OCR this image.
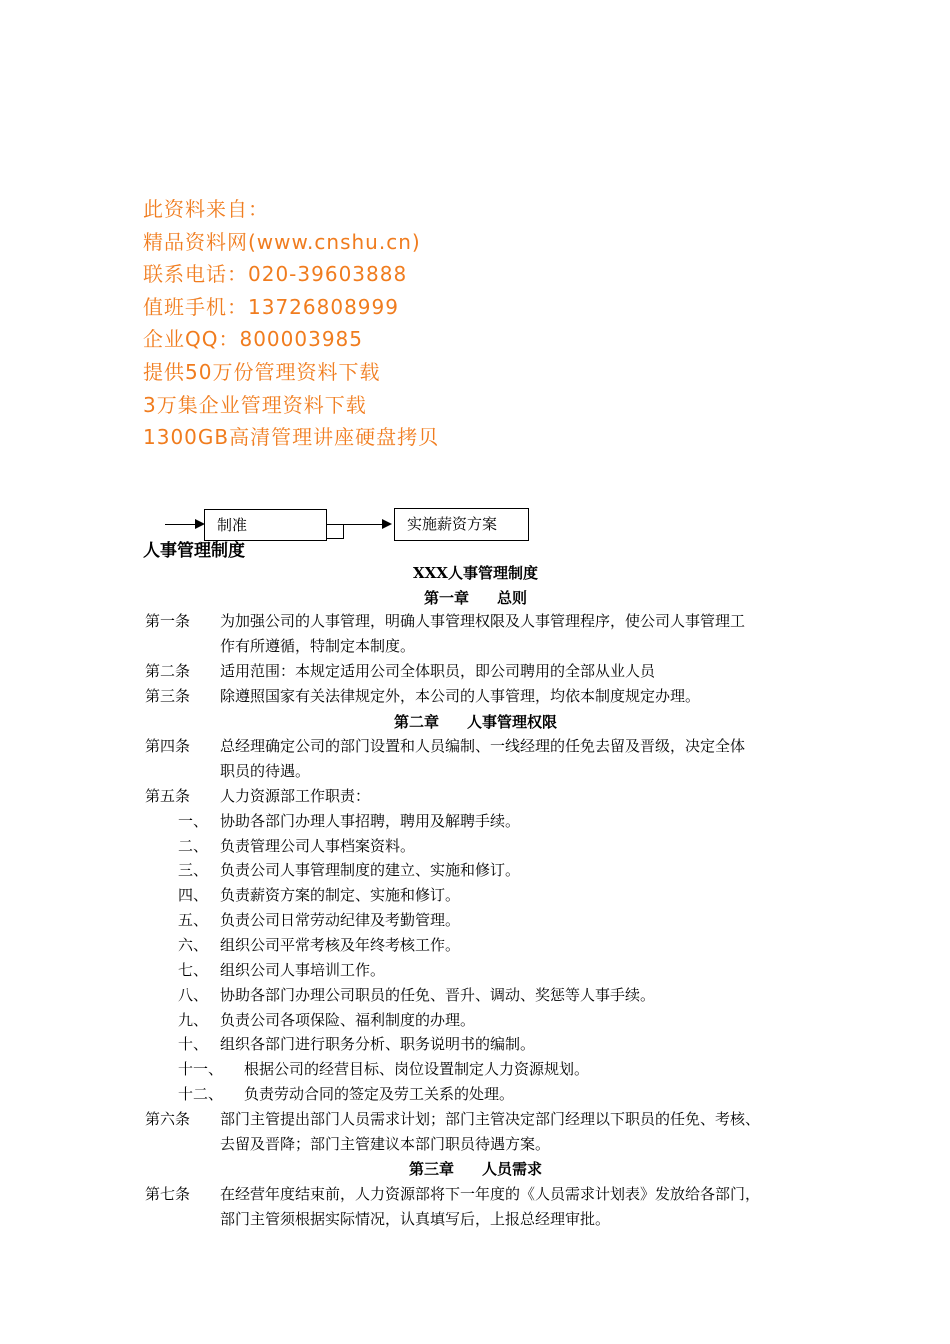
此资料来自：
精品资料网(www.cnshu.cn)
联系电话：020-39603888
值班手机：13726808999
企业QQ：800003985
提供50万份管理资料下载
3万集企业管理资料下载
1300GB高清管理讲座硬盘拷贝
制准	实施薪资方案
人事管理制度
XXX人事管理制度
第一章 总则
第一条 为加强公司的人事管理，明确人事管理权限及人事管理程序，使公司人事管理工
作有所遵循，特制定本制度。
第二条 适用范围：本规定适用公司全体职员，即公司聘用的全部从业人员
第三条 除遵照国家有关法律规定外，本公司的人事管理，均依本制度规定办理。
第二章 人事管理权限
第四条 总经理确定公司的部门设置和人员编制、一线经理的任免去留及晋级，决定全体
职员的待遇。
第五条 人力资源部工作职责：
一、 协助各部门办理人事招聘，聘用及解聘手续。
二、 负责管理公司人事档案资料。
三、 负责公司人事管理制度的建立、实施和修订。
四、 负责薪资方案的制定、实施和修订。
五、 负责公司日常劳动纪律及考勤管理。
六、 组织公司平常考核及年终考核工作。
七、 组织公司人事培训工作。
八、 协助各部门办理公司职员的任免、晋升、调动、奖惩等人事手续。
九、 负责公司各项保险、福利制度的办理。
十、 组织各部门进行职务分析、职务说明书的编制。
十一、 根据公司的经营目标、岗位设置制定人力资源规划。
十二、 负责劳动合同的签定及劳工关系的处理。
第六条 部门主管提出部门人员需求计划；部门主管决定部门经理以下职员的任免、考核、
去留及晋降；部门主管建议本部门职员待遇方案。
第三章 人员需求
第七条 在经营年度结束前，人力资源部将下一年度的《人员需求计划表》发放给各部门，
部门主管须根据实际情况，认真填写后，上报总经理审批。
